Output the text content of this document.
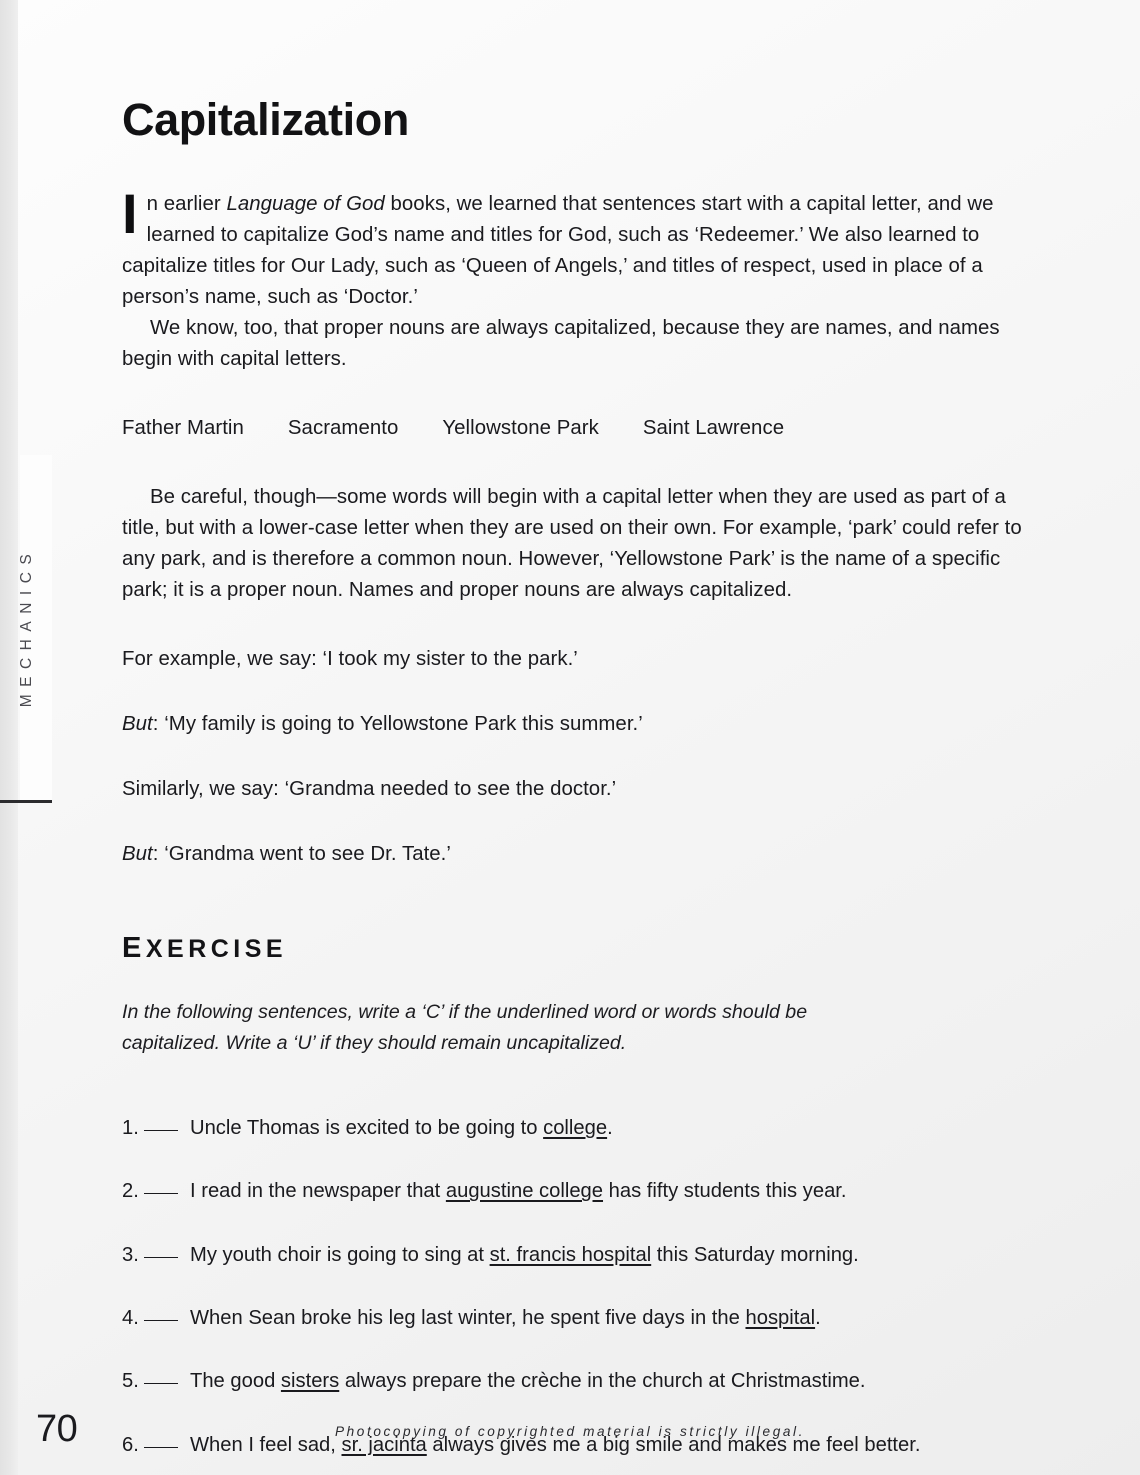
MECHANICS
Capitalization

In earlier Language of God books, we learned that sentences start with a capital letter, and we learned to capitalize God’s name and titles for God, such as ‘Redeemer.’ We also learned to capitalize titles for Our Lady, such as ‘Queen of Angels,’ and titles of respect, used in place of a person’s name, such as ‘Doctor.’

We know, too, that proper nouns are always capitalized, because they are names, and names begin with capital letters.

Father Martin Sacramento Yellowstone Park Saint Lawrence

Be careful, though—some words will begin with a capital letter when they are used as part of a title, but with a lower-case letter when they are used on their own. For example, ‘park’ could refer to any park, and is therefore a common noun. However, ‘Yellowstone Park’ is the name of a specific park; it is a proper noun. Names and proper nouns are always capitalized.

For example, we say: ‘I took my sister to the park.’

But: ‘My family is going to Yellowstone Park this summer.’

Similarly, we say: ‘Grandma needed to see the doctor.’

But: ‘Grandma went to see Dr. Tate.’

EXERCISE
In the following sentences, write a ‘C’ if the underlined word or words should be capitalized. Write a ‘U’ if they should remain uncapitalized.
1.	Uncle Thomas is excited to be going to college.
2.	I read in the newspaper that augustine college has fifty students this year.
3.	My youth choir is going to sing at st. francis hospital this Saturday morning.
4.	When Sean broke his leg last winter, he spent five days in the hospital.
5.	The good sisters always prepare the crèche in the church at Christmastime.
6.	When I feel sad, sr. jacinta always gives me a big smile and makes me feel better.
70	Photocopying of copyrighted material is strictly illegal.
